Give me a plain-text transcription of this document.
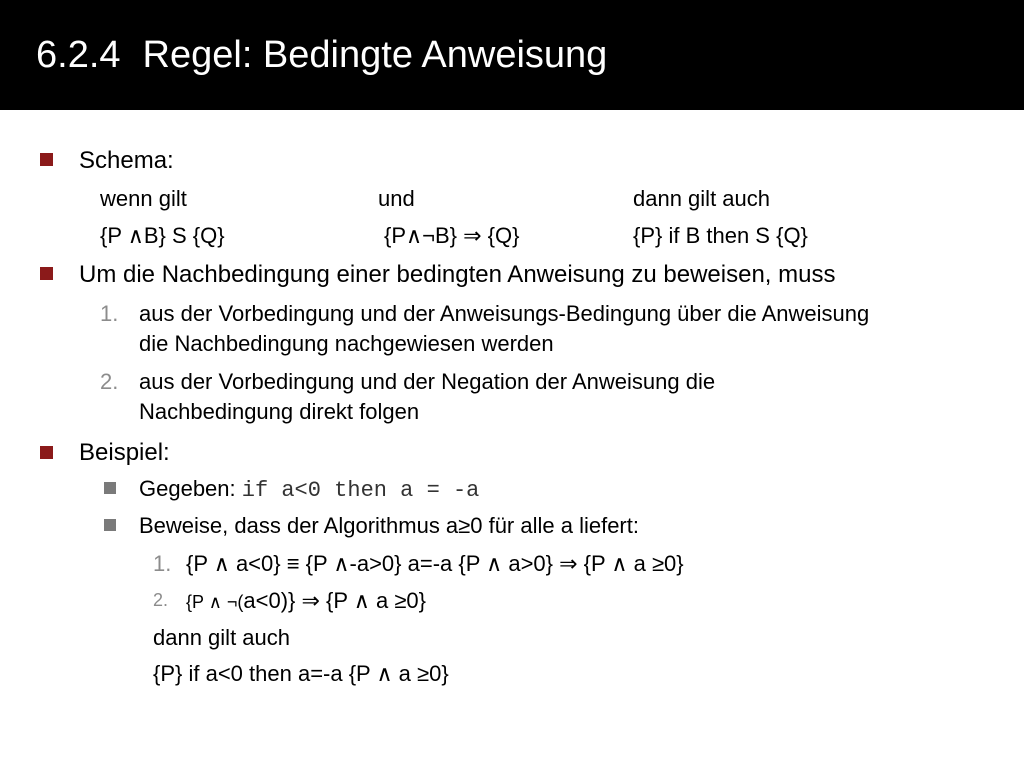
6.2.4 Regel: Bedingte Anweisung
Schema:
wenn gilt	und	dann gilt auch
{P ∧B} S {Q}	{P∧¬B} ⇒ {Q}	{P} if B then S {Q}
Um die Nachbedingung einer bedingten Anweisung zu beweisen, muss
1. aus der Vorbedingung und der Anweisungs-Bedingung über die Anweisung
die Nachbedingung nachgewiesen werden
2. aus der Vorbedingung und der Negation der Anweisung die
Nachbedingung direkt folgen
Beispiel:
Gegeben: if a<0 then a = -a
Beweise, dass der Algorithmus a≥0 für alle a liefert:
1. {P ∧ a<0} ≡ {P ∧-a>0} a=-a {P ∧ a>0} ⇒ {P ∧ a ≥0}
2. {P ∧ ¬(a<0)} ⇒ {P ∧ a ≥0}
dann gilt auch
{P} if a<0 then a=-a {P ∧ a ≥0}
